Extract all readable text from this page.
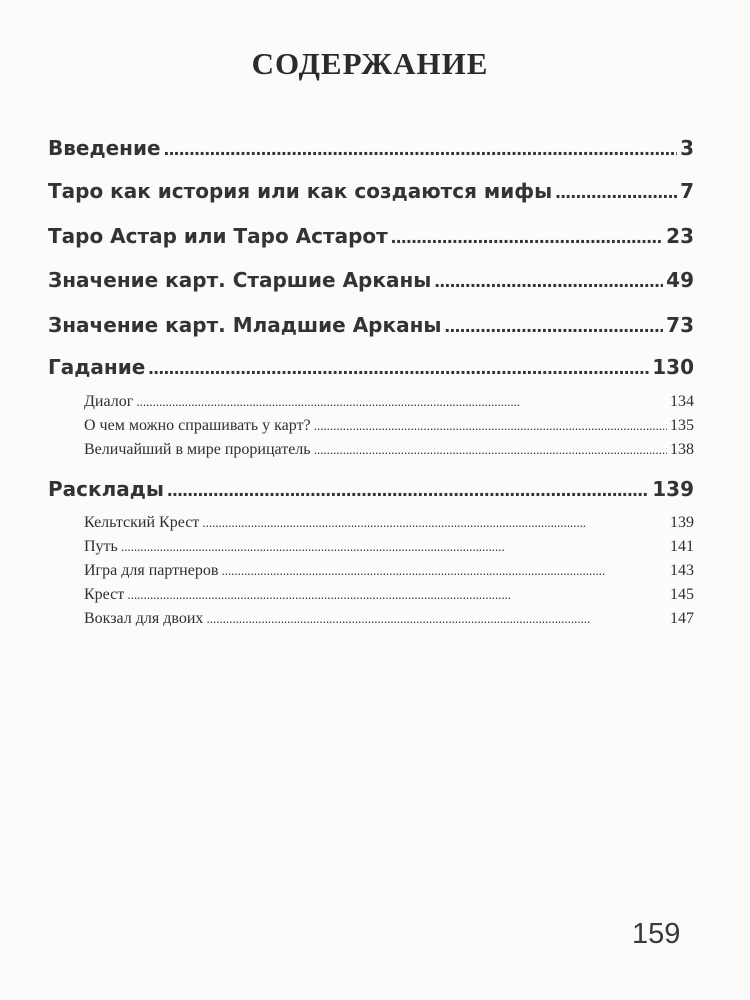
СОДЕРЖАНИЕ
Введение . . .	3
Таро как история или как создаются мифы . . .	7
Таро Астар или Таро Астарот . . .	23
Значение карт. Старшие Арканы . . .	49
Значение карт. Младшие Арканы . . .	73
Гадание . . .	130
Диалог . . .	134
О чем можно спрашивать у карт? . . .	135
Величайший в мире прорицатель . . .	138
Расклады . . .	139
Кельтский Крест . . .	139
Путь . . .	141
Игра для партнеров . . .	143
Крест . . .	145
Вокзал для двоих . . .	147
159
